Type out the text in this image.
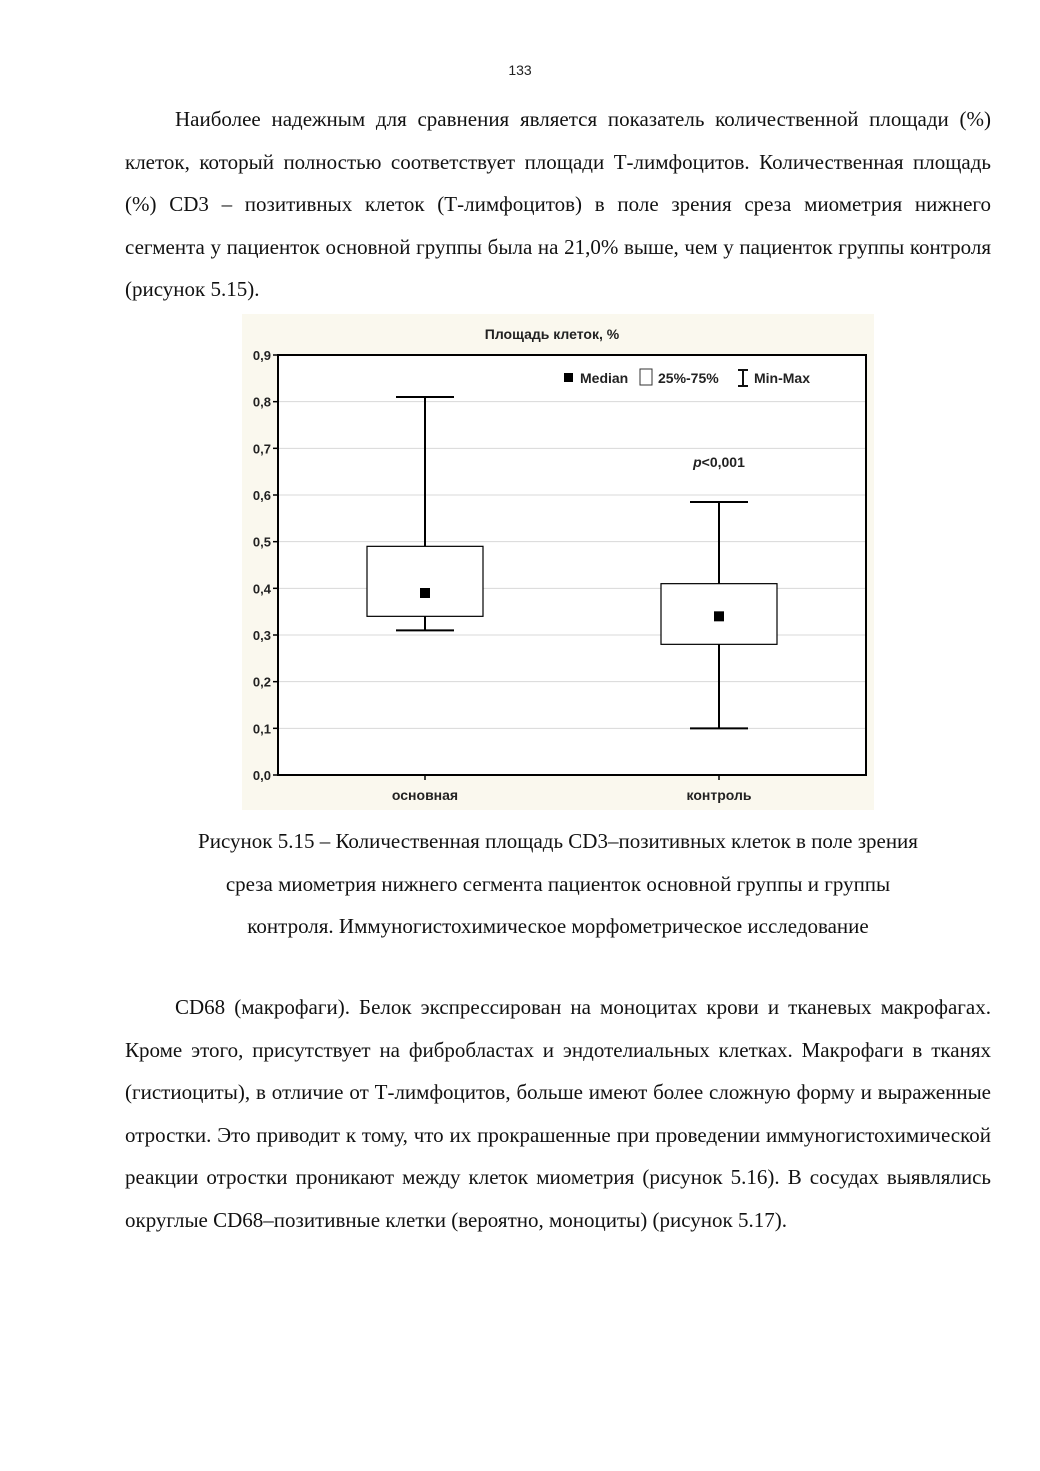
133

Наиболее надежным для сравнения является показатель количественной площади (%) клеток, который полностью соответствует площади Т-лимфоцитов. Количественная площадь (%) CD3 – позитивных клеток (Т-лимфоцитов) в поле зрения среза миометрия нижнего сегмента у пациенток основной группы была на 21,0% выше, чем у пациенток группы контроля (рисунок 5.15).

Площадь клеток, %
0,0
0,1
0,2
0,3
0,4
0,5
0,6
0,7
0,8
0,9
основная	контроль
Median 25%-75%	Min-Max
p<0,001
Рисунок 5.15 – Количественная площадь CD3–позитивных клеток в поле зрения
среза миометрия нижнего сегмента пациенток основной группы и группы
контроля. Иммуногистохимическое морфометрическое исследование

CD68 (макрофаги). Белок экспрессирован на моноцитах крови и тканевых макрофагах. Кроме этого, присутствует на фибробластах и эндотелиальных клетках. Макрофаги в тканях (гистиоциты), в отличие от Т-лимфоцитов, больше имеют более сложную форму и выраженные отростки. Это приводит к тому, что их прокрашенные при проведении иммуногистохимической реакции отростки проникают между клеток миометрия (рисунок 5.16). В сосудах выявлялись округлые CD68–позитивные клетки (вероятно, моноциты) (рисунок 5.17).
